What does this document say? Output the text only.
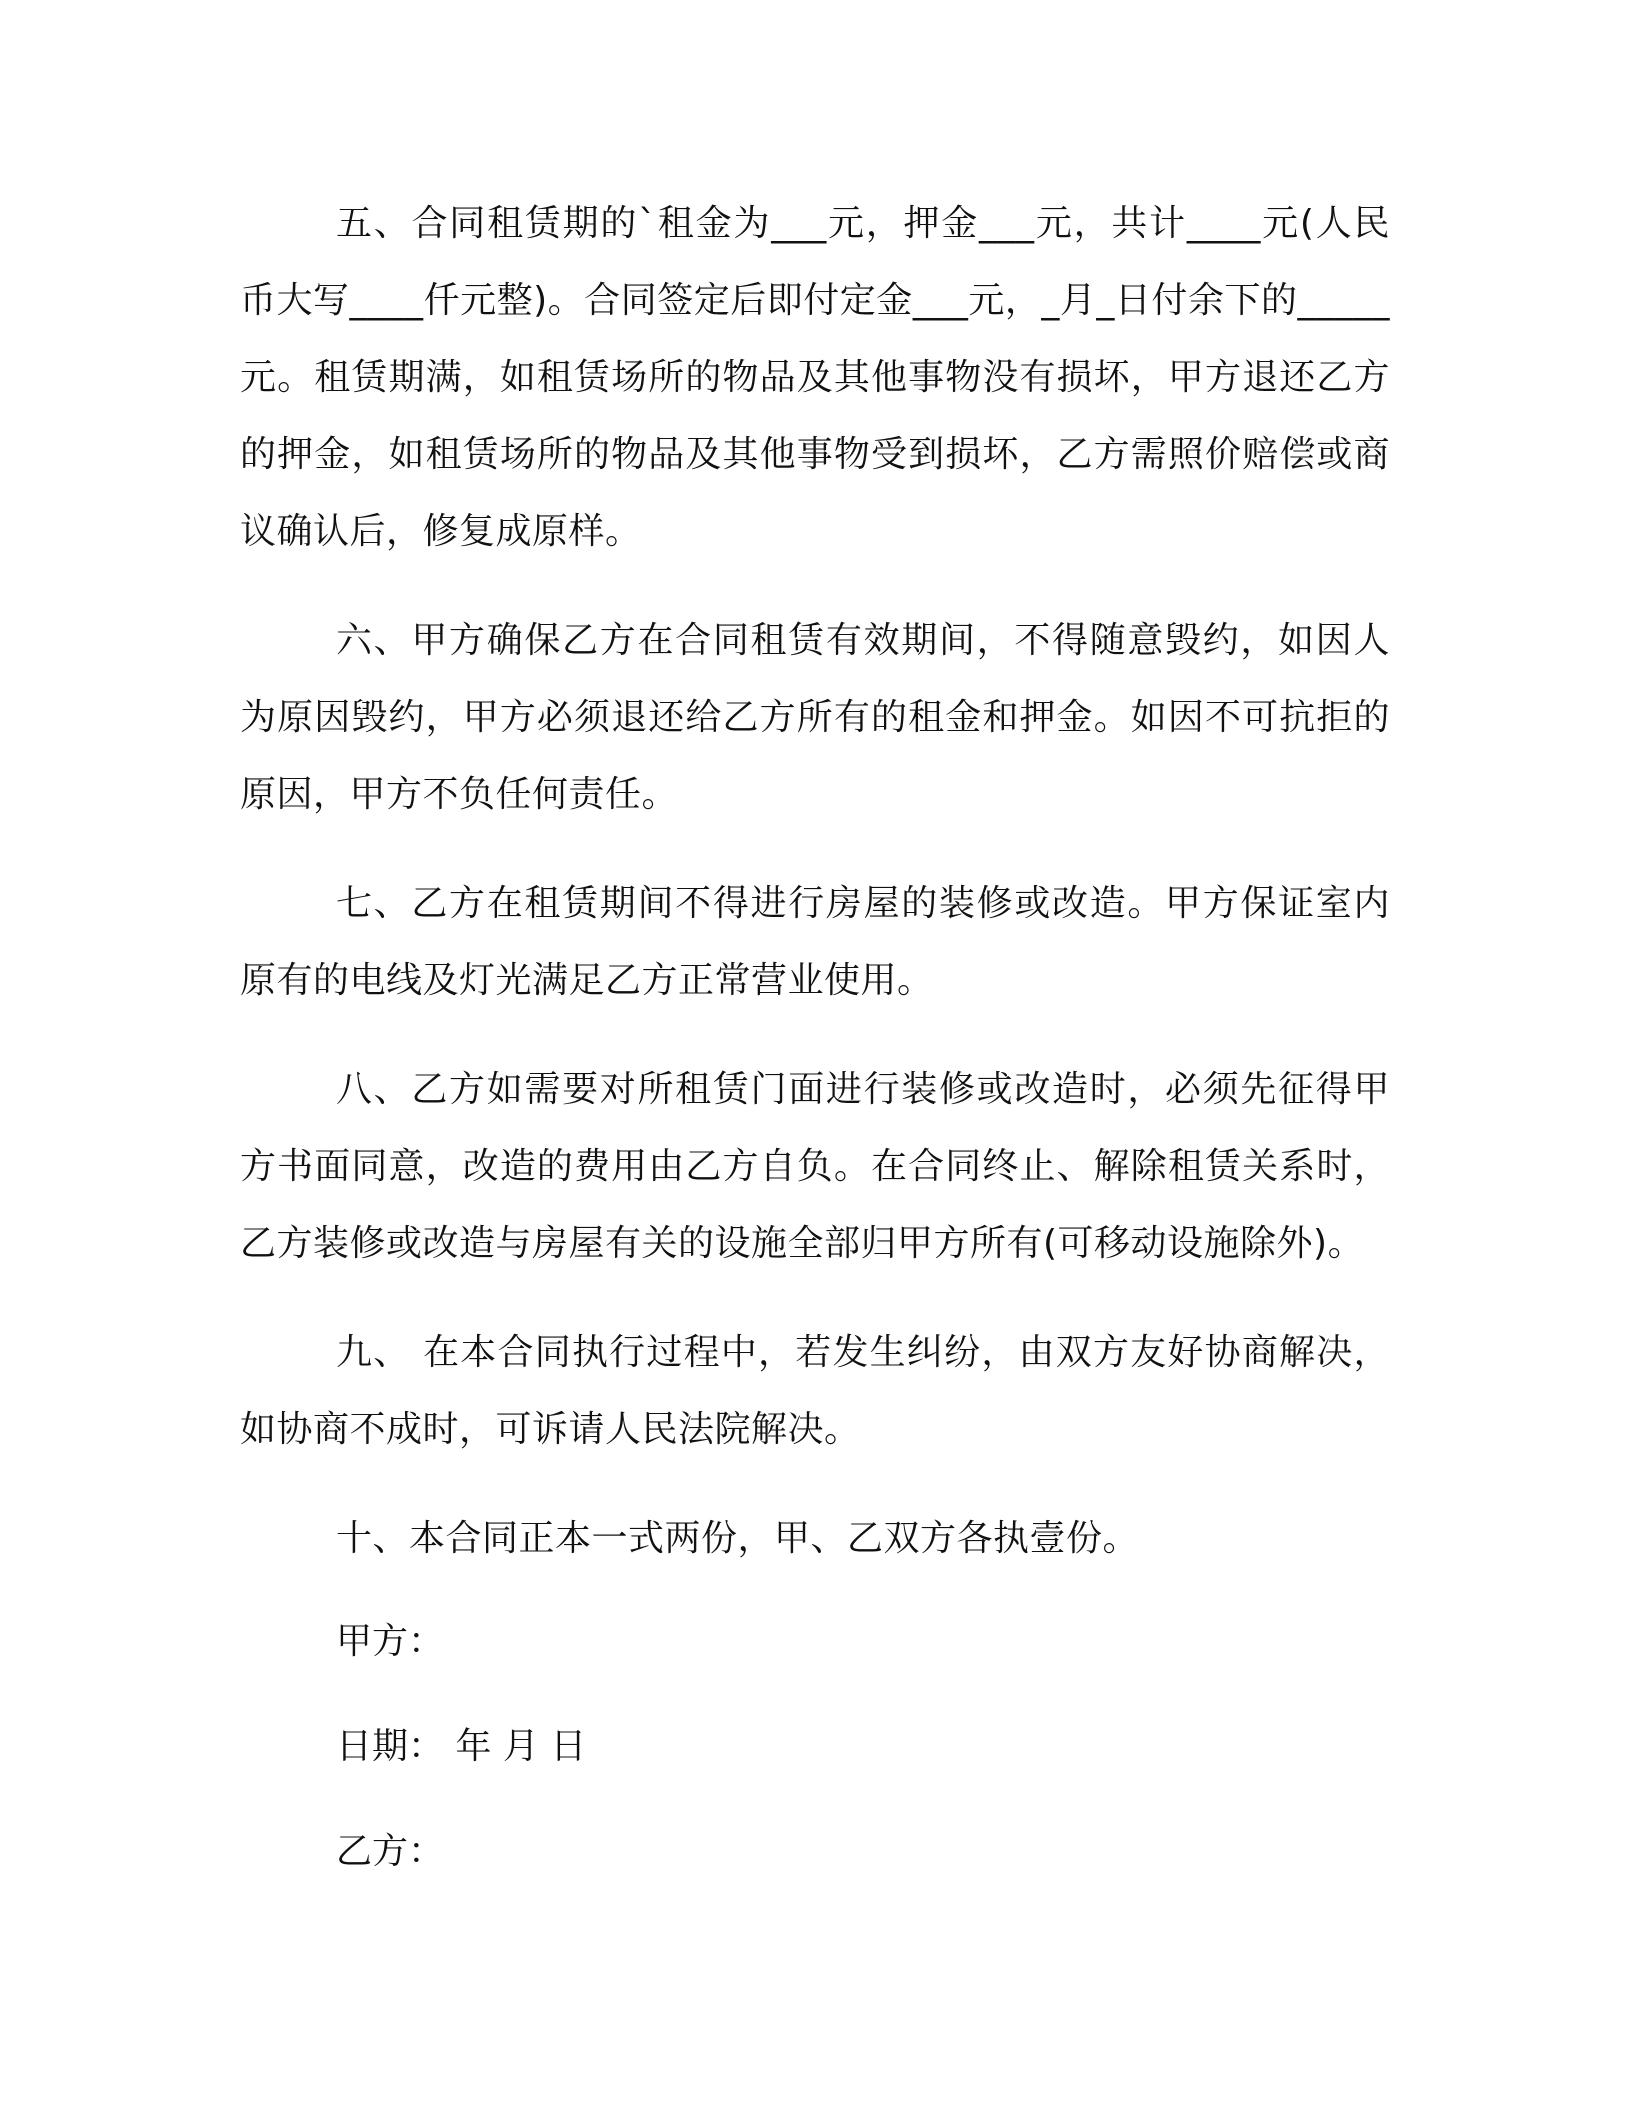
五、合同租赁期的`租金为___元，押金___元，共计____元(人民币大写____仟元整)。合同签定后即付定金___元，_月_日付余下的_____元。租赁期满，如租赁场所的物品及其他事物没有损坏，甲方退还乙方的押金，如租赁场所的物品及其他事物受到损坏，乙方需照价赔偿或商议确认后，修复成原样。

六、甲方确保乙方在合同租赁有效期间，不得随意毁约，如因人为原因毁约，甲方必须退还给乙方所有的租金和押金。如因不可抗拒的原因，甲方不负任何责任。

七、乙方在租赁期间不得进行房屋的装修或改造。甲方保证室内原有的电线及灯光满足乙方正常营业使用。

八、乙方如需要对所租赁门面进行装修或改造时，必须先征得甲方书面同意，改造的费用由乙方自负。在合同终止、解除租赁关系时，乙方装修或改造与房屋有关的设施全部归甲方所有(可移动设施除外)。

九、 在本合同执行过程中，若发生纠纷，由双方友好协商解决，如协商不成时，可诉请人民法院解决。

十、本合同正本一式两份，甲、乙双方各执壹份。

甲方：

日期： 年 月 日

乙方：
